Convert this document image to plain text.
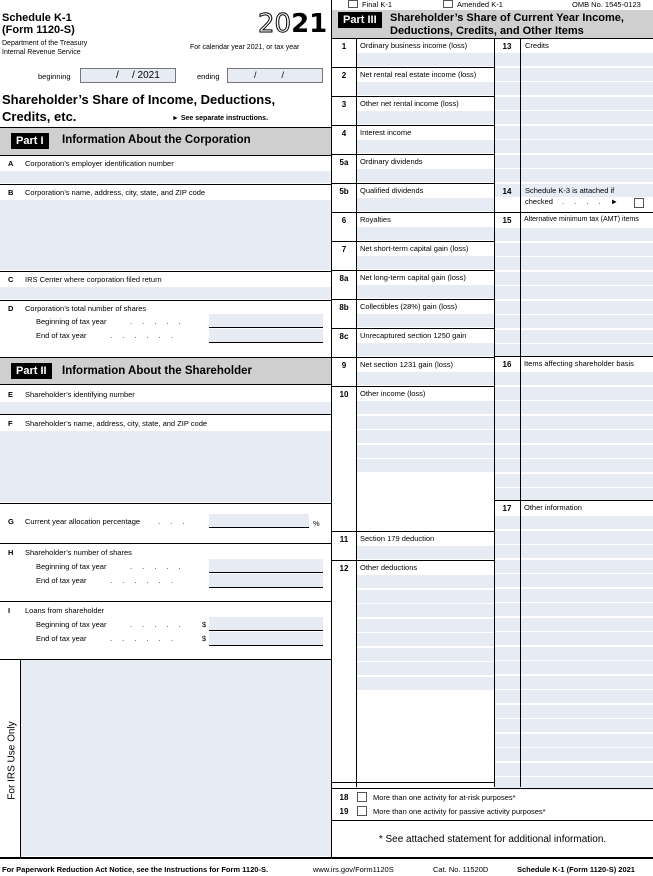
Final K-1	Amended K-1	OMB No. 1545-0123
Schedule K-1
(Form 1120-S)
Department of the Treasury
Internal Revenue Service
2021
For calendar year 2021, or tax year
beginning	/ / 2021	ending	/          /
Shareholder’s Share of Income, Deductions,
Credits, etc.	► See separate instructions.
Part I	Information About the Corporation
A Corporation’s employer identification number
B Corporation’s name, address, city, state, and ZIP code
C IRS Center where corporation filed return
D Corporation’s total number of shares
Beginning of tax year	. . . . .
End of tax year	. . . . . .
Part II	Information About the Shareholder
E Shareholder’s identifying number
F Shareholder’s name, address, city, state, and ZIP code
G Current year allocation percentage . . .	%
H Shareholder’s number of shares
Beginning of tax year	. . . . .
End of tax year	. . . . . .
I Loans from shareholder
Beginning of tax year	. . . . . $
End of tax year	. . . . . .	$
For IRS Use Only
Part III	Shareholder’s Share of Current Year Income,
Deductions, Credits, and Other Items
1	Ordinary business income (loss)
2	Net rental real estate income (loss)
3	Other net rental income (loss)
4	Interest income
5a	Ordinary dividends
5b	Qualified dividends
6	Royalties
7	Net short-term capital gain (loss)
8a	Net long-term capital gain (loss)
8b	Collectibles (28%) gain (loss)
8c	Unrecaptured section 1250 gain
9	Net section 1231 gain (loss)
10	Other income (loss)
11	Section 179 deduction
12	Other deductions
13	Credits
14	Schedule K-3 is attached if
checked . . . . ►
15	Alternative minimum tax (AMT) items
16	Items affecting shareholder basis
17	Other information
18	More than one activity for at-risk purposes*
19	More than one activity for passive activity purposes*
* See attached statement for additional information.
For Paperwork Reduction Act Notice, see the Instructions for Form 1120-S.	www.irs.gov/Form1120S	Cat. No. 11520D	Schedule K-1 (Form 1120-S) 2021
